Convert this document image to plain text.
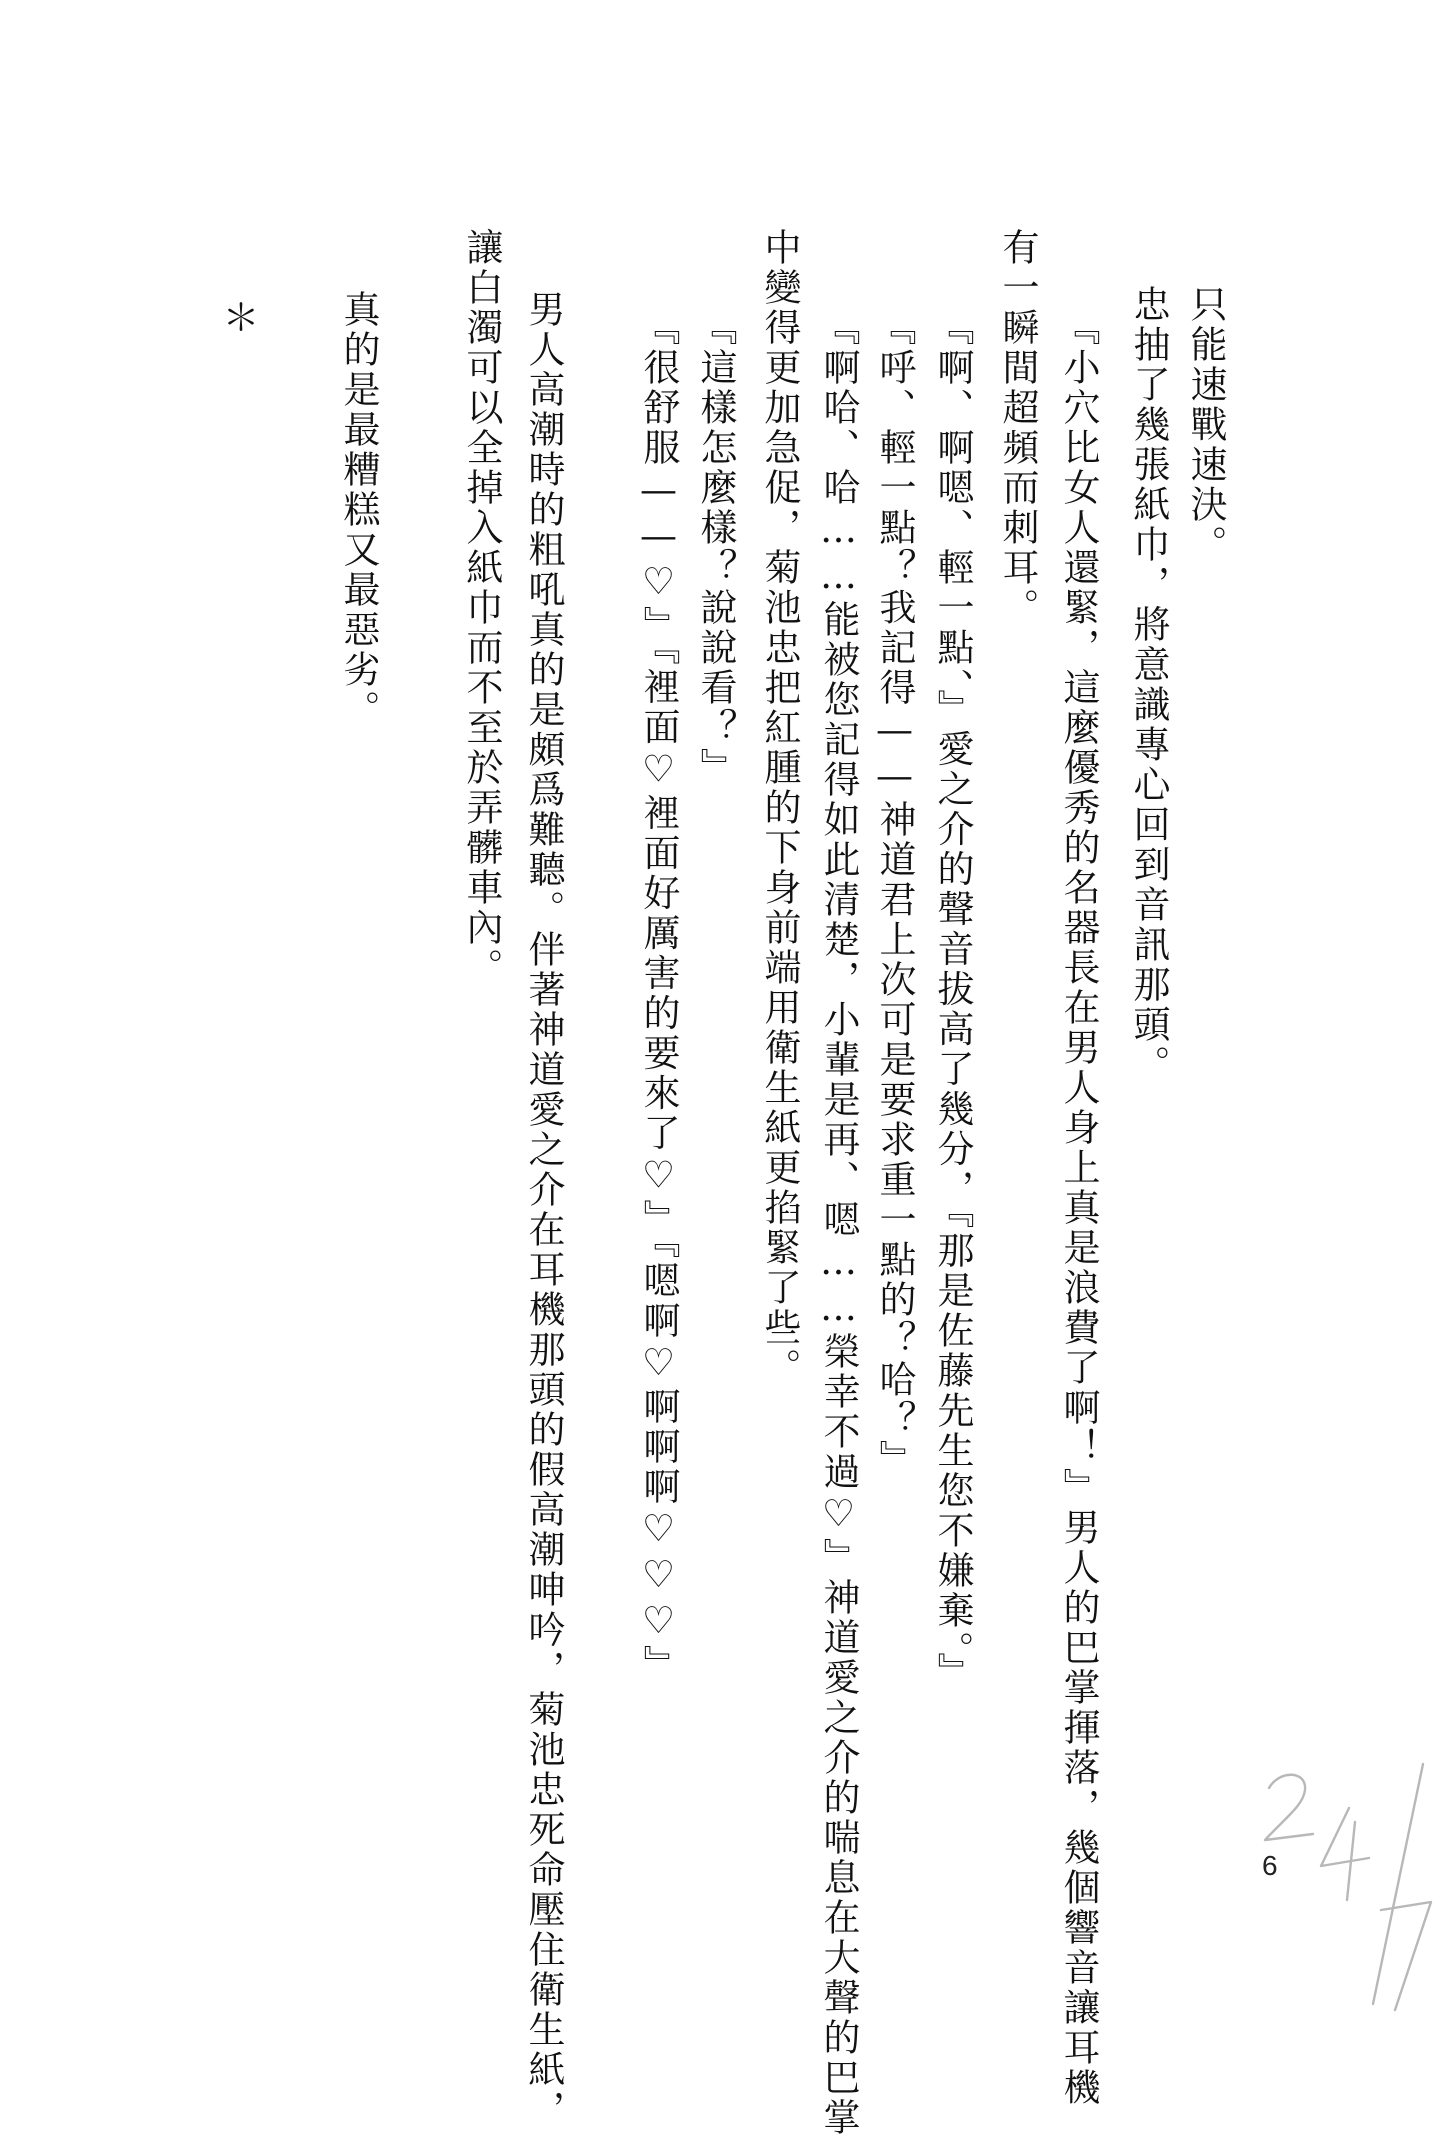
只能速戰速決。

忠抽了幾張紙巾，將意識專心回到音訊那頭。

『小穴比女人還緊，這麼優秀的名器長在男人身上真是浪費了啊！』男人的巴掌揮落，幾個響音讓耳機

有一瞬間超頻而刺耳。

『啊、啊嗯、輕一點、』愛之介的聲音拔高了幾分，『那是佐藤先生您不嫌棄。』

『呼、輕一點？我記得——神道君上次可是要求重一點的？哈？』

『啊哈、哈……能被您記得如此清楚，小輩是再、嗯……榮幸不過♡』神道愛之介的喘息在大聲的巴掌

中變得更加急促，菊池忠把紅腫的下身前端用衛生紙更掐緊了些。

『這樣怎麼樣？說說看？』

『很舒服——♡』『裡面♡裡面好厲害的要來了♡』『嗯啊♡啊啊啊♡♡♡』

男人高潮時的粗吼真的是頗爲難聽。伴著神道愛之介在耳機那頭的假高潮呻吟，菊池忠死命壓住衛生紙，

讓白濁可以全掉入紙巾而不至於弄髒車內。

真的是最糟糕又最惡劣。

＊

6
